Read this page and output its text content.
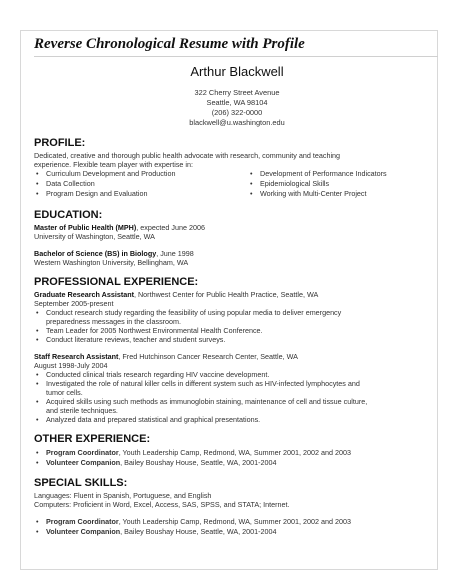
Reverse Chronological Resume with Profile
Arthur Blackwell
322 Cherry Street Avenue
Seattle, WA 98104
(206) 322-0000
blackwell@u.washington.edu
PROFILE:
Dedicated, creative and thorough public health advocate with research, community and teaching
experience. Flexible team player with expertise in:
• Curriculum Development and Production
• Data Collection
• Program Design and Evaluation
• Development of Performance Indicators
• Epidemiological Skills
• Working with Multi-Center Project
EDUCATION:
Master of Public Health (MPH), expected June 2006
University of Washington, Seattle, WA
Bachelor of Science (BS) in Biology, June 1998
Western Washington University, Bellingham, WA
PROFESSIONAL EXPERIENCE:
Graduate Research Assistant, Northwest Center for Public Health Practice, Seattle, WA
September 2005-present
• Conduct research study regarding the feasibility of using popular media to deliver emergency
preparedness messages in the classroom.
• Team Leader for 2005 Northwest Environmental Health Conference.
• Conduct literature reviews, teacher and student surveys.
Staff Research Assistant, Fred Hutchinson Cancer Research Center, Seattle, WA
August 1998-July 2004
• Conducted clinical trials research regarding HIV vaccine development.
• Investigated the role of natural killer cells in different system such as HIV-infected lymphocytes and
tumor cells.
• Acquired skills using such methods as immunoglobin staining, maintenance of cell and tissue culture,
and sterile techniques.
• Analyzed data and prepared statistical and graphical presentations.
OTHER EXPERIENCE:
• Program Coordinator, Youth Leadership Camp, Redmond, WA, Summer 2001, 2002 and 2003
• Volunteer Companion, Bailey Boushay House, Seattle, WA, 2001-2004
SPECIAL SKILLS:
Languages: Fluent in Spanish, Portuguese, and English
Computers: Proficient in Word, Excel, Access, SAS, SPSS, and STATA; Internet.
• Program Coordinator, Youth Leadership Camp, Redmond, WA, Summer 2001, 2002 and 2003
• Volunteer Companion, Bailey Boushay House, Seattle, WA, 2001-2004
